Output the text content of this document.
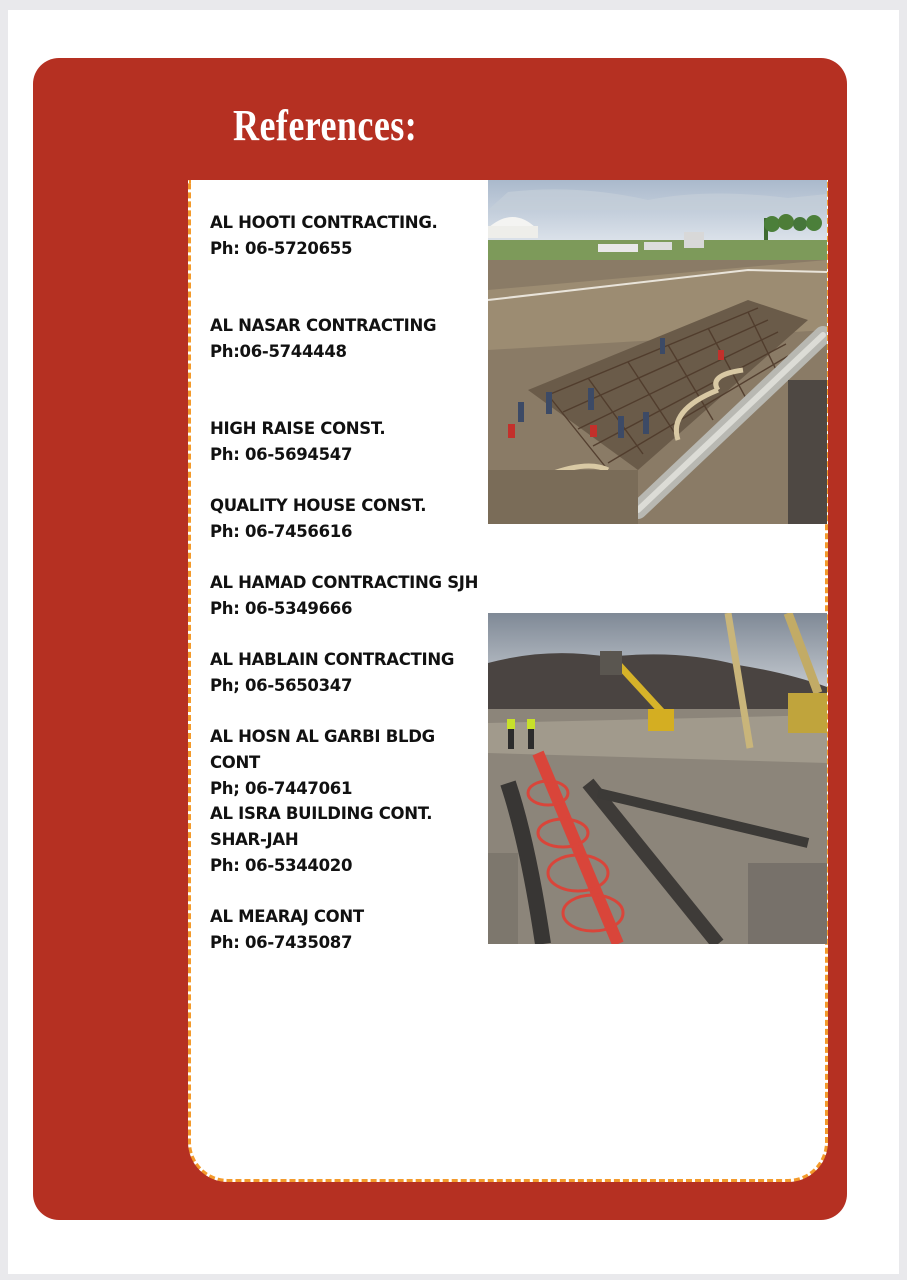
References:
AL HOOTI CONTRACTING.
Ph: 06-5720655
AL NASAR CONTRACTING
Ph:06-5744448
HIGH RAISE CONST.
Ph: 06-5694547
QUALITY HOUSE CONST.
Ph: 06-7456616
AL HAMAD CONTRACTING SJH
Ph: 06-5349666
AL HABLAIN CONTRACTING
Ph; 06-5650347
AL HOSN AL GARBI BLDG CONT
Ph; 06-7447061
AL ISRA BUILDING CONT. SHAR-JAH
Ph: 06-5344020
AL MEARAJ CONT
Ph: 06-7435087
